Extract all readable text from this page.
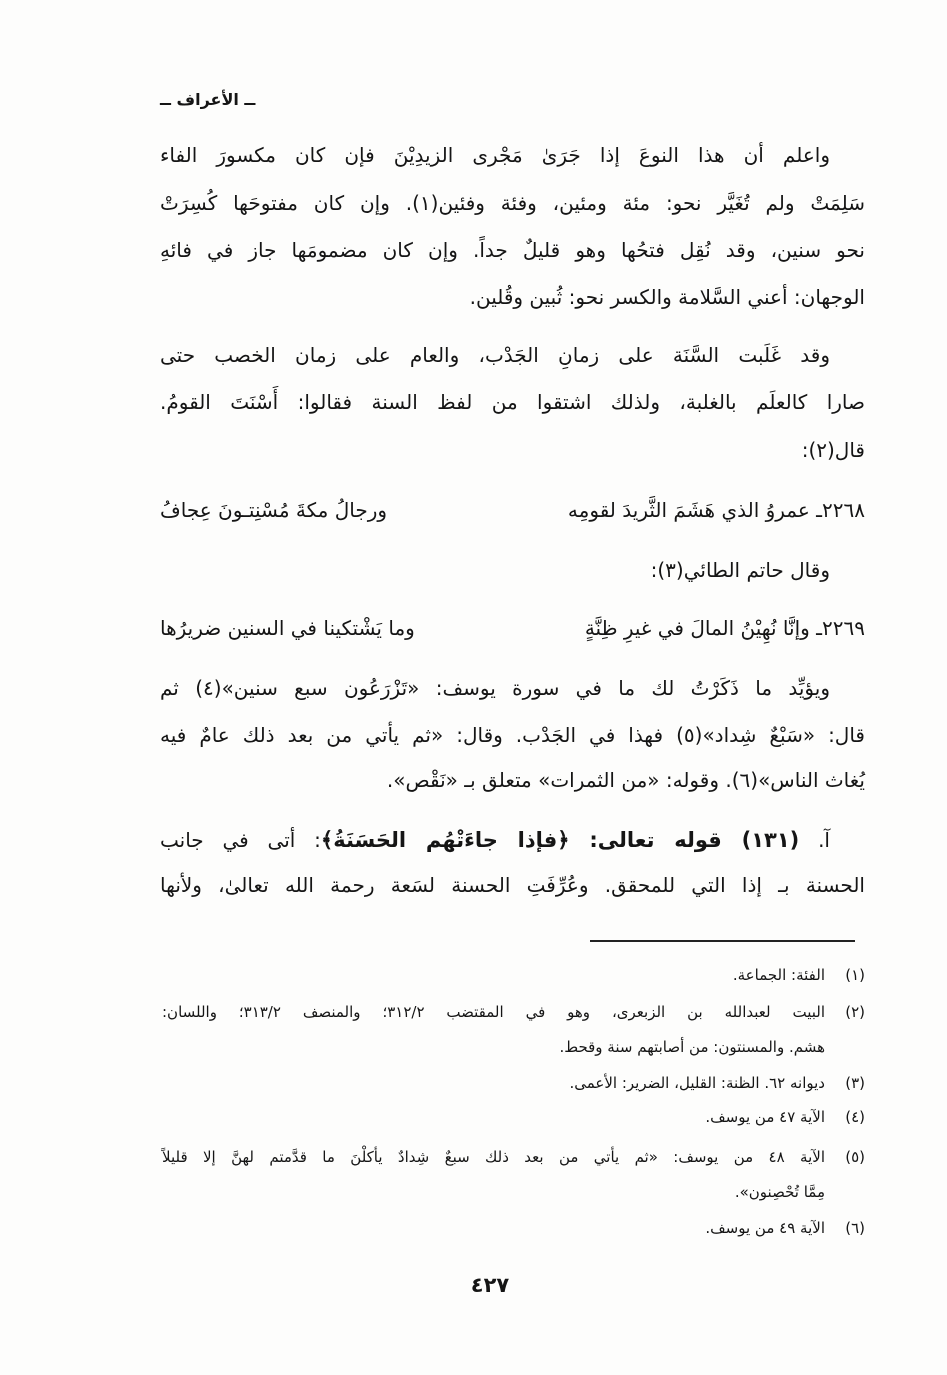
ــ الأعراف ــ
واعلم أن هذا النوعَ إذا جَرَىٰ مَجْرى الزيدِيْنَ فإن كان مكسورَ الفاء
سَلِمَتْ ولم تُغَيَّر نحو: مئة ومئين، وفئة وفئين(١). وإن كان مفتوحَها كُسِرَتْ
نحو سنين، وقد نُقِل فتحُها وهو قليلٌ جداً. وإن كان مضمومَها جاز في فائهِ
الوجهان: أعني السَّلامة والكسر نحو: ثُبين وقُلين.
وقد غَلَبت السَّنَة على زمانِ الجَدْب، والعام على زمان الخصب حتى
صارا كالعلَم بالغلبة، ولذلك اشتقوا من لفظ السنة فقالوا: أَسْنَتَ القومُ.
قال(٢):
٢٢٦٨ـ عمروُ الذي هَشَمَ الثَّريدَ لقومِه
ورجالُ مكةَ مُسْنِتـونَ عِجافُ
وقال حاتم الطائي(٣):
٢٢٦٩ـ وإنَّا نُهِيْنُ المالَ في غيرِ ظِنَّةٍ
وما يَشْتكينا في السنين ضريرُها
ويؤيِّد ما ذَكَرْتُ لك ما في سورة يوسف: «تَزْرَعُون سبع سنين»(٤) ثم
قال: «سَبْعٌ شِداد»(٥) فهذا في الجَدْب. وقال: «ثم يأتي من بعد ذلك عامٌ فيه
يُغاث الناس»(٦). وقوله: «من الثمرات» متعلق بـ «نَقْص».
آ. (١٣١) قوله تعالى: ﴿فإذا جاءَتْهُم الحَسَنَةُ﴾: أتى في جانب
الحسنة بـ إذا التي للمحقق. وعُرِّفَتِ الحسنة لسَعة رحمة الله تعالىٰ، ولأنها
(١)
الفئة: الجماعة.
(٢)
البيت لعبدالله بن الزبعرى، وهو في المقتضب ٣١٢/٢؛ والمنصف ٣١٣/٢؛ واللسان:
هشم. والمسنتون: من أصابتهم سنة وقحط.
(٣)
ديوانه ٦٢. الظنة: القليل، الضرير: الأعمى.
(٤)
الآية ٤٧ من يوسف.
(٥)
الآية ٤٨ من يوسف: «ثم يأتي من بعد ذلك سبعٌ شِدادٌ يأكلْنَ ما قدَّمتم لهنَّ إلا قليلاً
مِمَّا تُحْصِنون».
(٦)
الآية ٤٩ من يوسف.
٤٢٧
